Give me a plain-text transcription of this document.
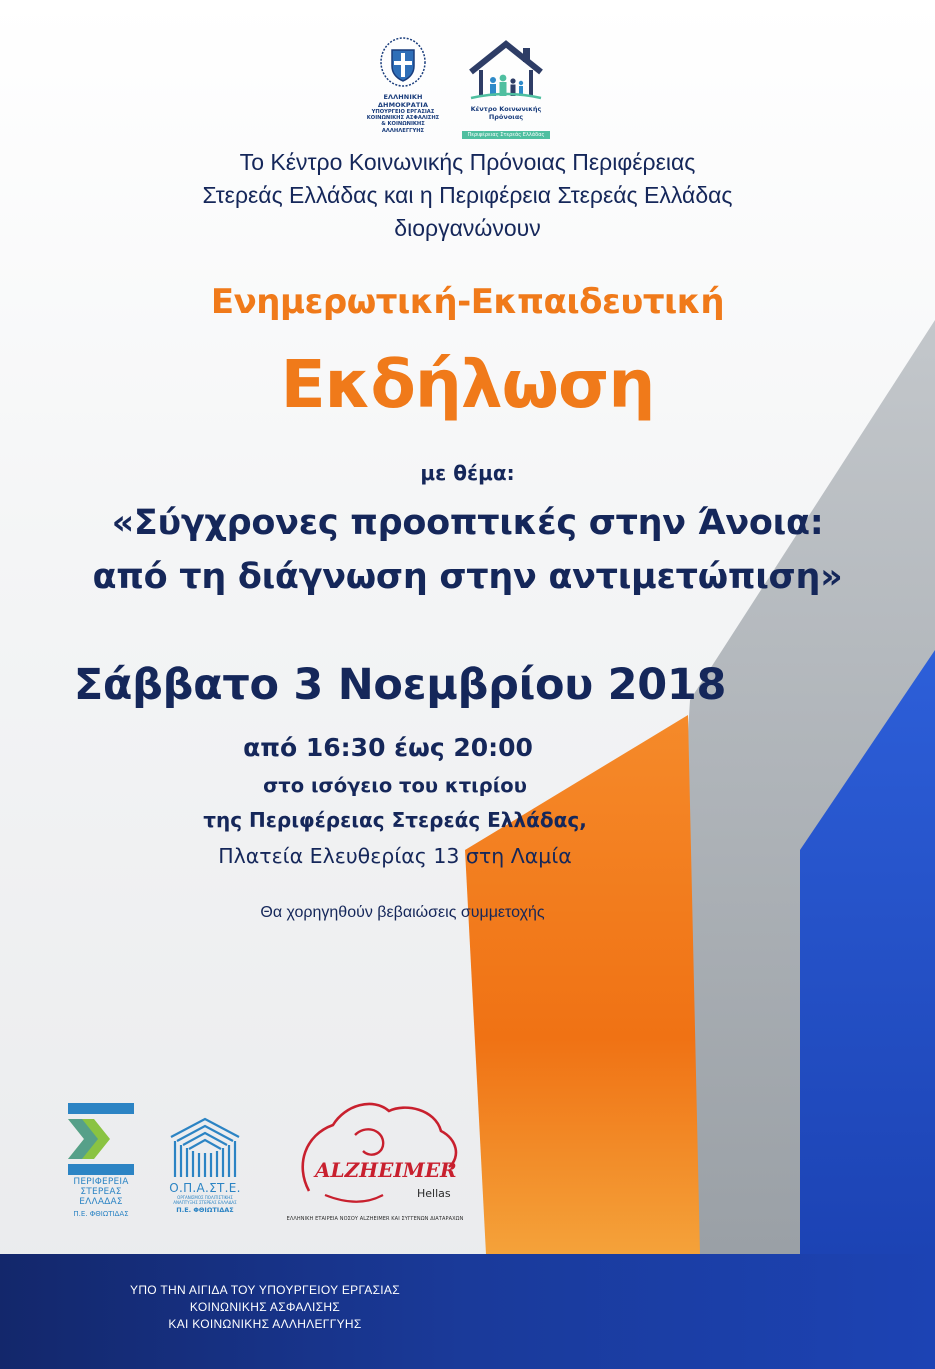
ΕΛΛΗΝΙΚΗ ΔΗΜΟΚΡΑΤΙΑ
ΥΠΟΥΡΓΕΙΟ ΕΡΓΑΣΙΑΣ
ΚΟΙΝΩΝΙΚΗΣ ΑΣΦΑΛΙΣΗΣ
& ΚΟΙΝΩΝΙΚΗΣ ΑΛΛΗΛΕΓΓΥΗΣ
Κέντρο Κοινωνικής Πρόνοιας
Περιφέρειας Στερεάς Ελλάδας
Το Κέντρο Κοινωνικής Πρόνοιας Περιφέρειας
Στερεάς Ελλάδας και η Περιφέρεια Στερεάς Ελλάδας
διοργανώνουν
Ενημερωτική-Εκπαιδευτική
Εκδήλωση
με θέμα:
«Σύγχρονες προοπτικές στην Άνοια:
από τη διάγνωση στην αντιμετώπιση»
Σάββατο 3 Νοεμβρίου 2018
από 16:30 έως 20:00
στο ισόγειο του κτιρίου
της Περιφέρειας Στερεάς Ελλάδας,
Πλατεία Ελευθερίας 13 στη Λαμία
Θα χορηγηθούν βεβαιώσεις συμμετοχής
ΠΕΡΙΦΕΡΕΙΑ
ΣΤΕΡΕΑΣ
ΕΛΛΑΔΑΣ
Π.Ε. ΦΘΙΩΤΙΔΑΣ
Ο.Π.Α.ΣΤ.Ε.
ΟΡΓΑΝΙΣΜΟΣ ΠΟΛΙΤΙΣΤΙΚΗΣ
ΑΝΑΠΤΥΞΗΣ ΣΤΕΡΕΑΣ ΕΛΛΑΔΑΣ
Π.Ε. ΦΘΙΩΤΙΔΑΣ
ALZHEIMER
Hellas
ΕΛΛΗΝΙΚΗ ΕΤΑΙΡΕΙΑ ΝΟΣΟΥ ALZHEIMER ΚΑΙ ΣΥΓΓΕΝΩΝ ΔΙΑΤΑΡΑΧΩΝ
ΥΠΟ ΤΗΝ ΑΙΓΙΔΑ ΤΟΥ ΥΠΟΥΡΓΕΙΟΥ ΕΡΓΑΣΙΑΣ
ΚΟΙΝΩΝΙΚΗΣ ΑΣΦΑΛΙΣΗΣ
ΚΑΙ ΚΟΙΝΩΝΙΚΗΣ ΑΛΛΗΛΕΓΓΥΗΣ
